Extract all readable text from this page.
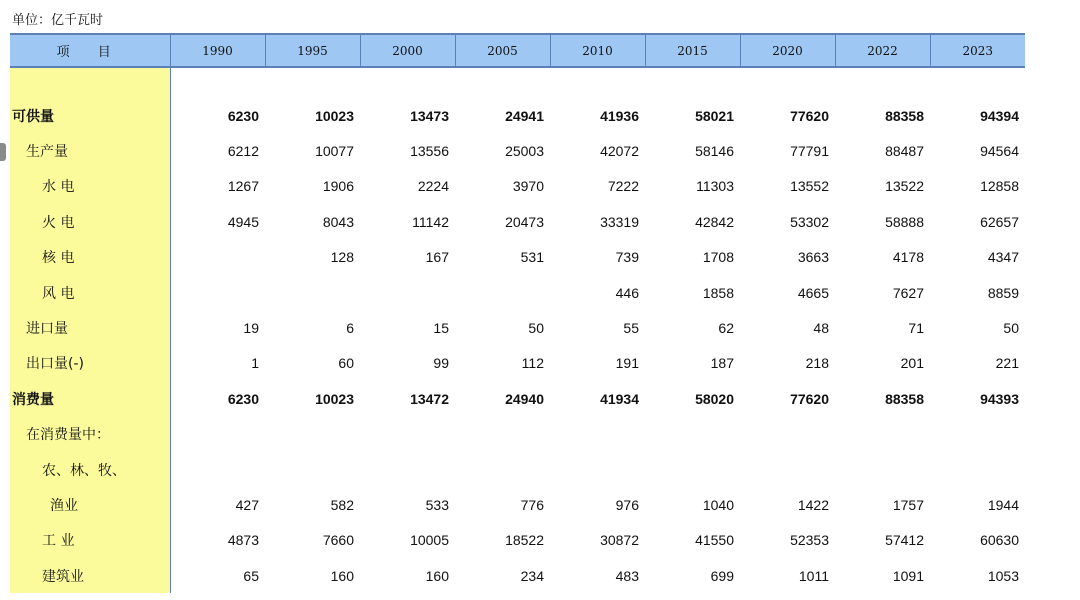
单位：亿千瓦时
项 目	1990	1995	2000	2005	2010	2015	2020	2022	2023

可供量	6230	10023	13473	24941	41936	58021	77620	88358	94394
生产量	6212	10077	13556	25003	42072	58146	77791	88487	94564
水 电	1267	1906	2224	3970	7222	11303	13552	13522	12858
火 电	4945	8043	11142	20473	33319	42842	53302	58888	62657
核 电		128	167	531	739	1708	3663	4178	4347
风 电					446	1858	4665	7627	8859
进口量	19	6	15	50	55	62	48	71	50
出口量(-)	1	60	99	112	191	187	218	201	221
消费量	6230	10023	13472	24940	41934	58020	77620	88358	94393
在消费量中：									
农、林、牧、									
渔业	427	582	533	776	976	1040	1422	1757	1944
工 业	4873	7660	10005	18522	30872	41550	52353	57412	60630
建筑业	65	160	160	234	483	699	1011	1091	1053
